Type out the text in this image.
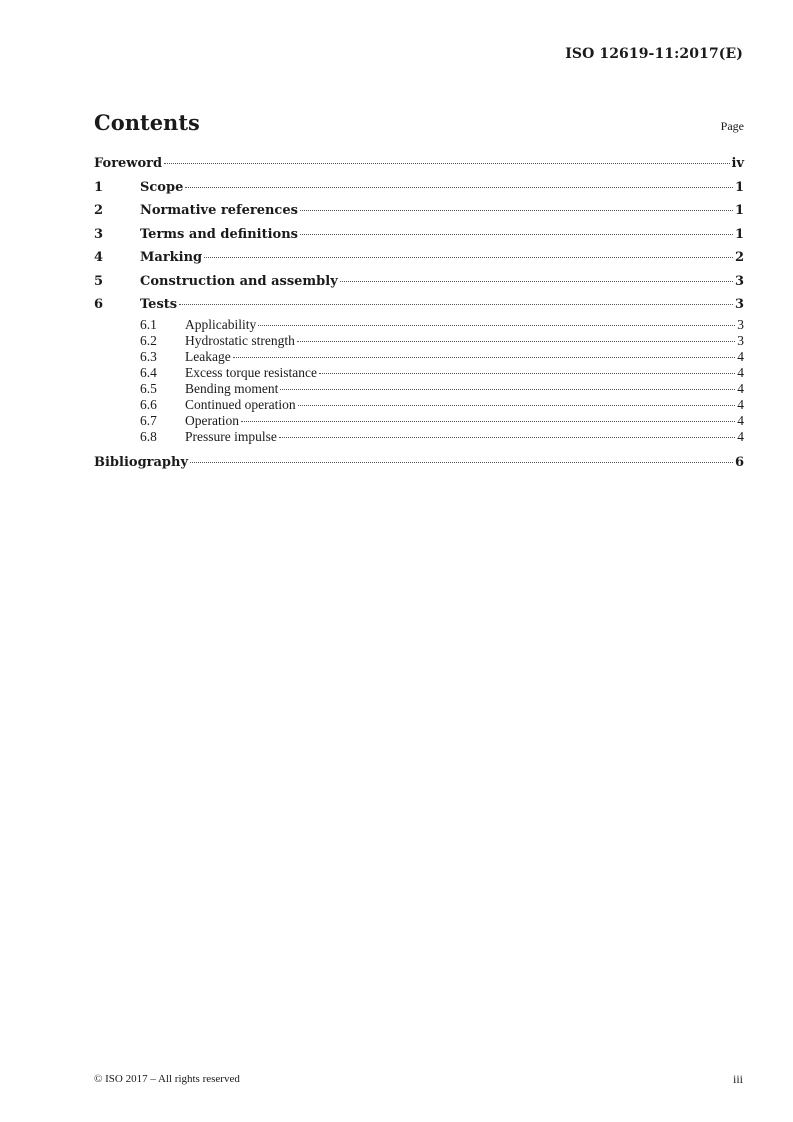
ISO 12619-11:2017(E)
Contents	Page
Foreword	iv
1	Scope	1
2	Normative references	1
3	Terms and definitions	1
4	Marking	2
5	Construction and assembly	3
6	Tests	3
6.1	Applicability	3
6.2	Hydrostatic strength	3
6.3	Leakage	4
6.4	Excess torque resistance	4
6.5	Bending moment	4
6.6	Continued operation	4
6.7	Operation	4
6.8	Pressure impulse	4
Bibliography	6
© ISO 2017 – All rights reserved	iii
